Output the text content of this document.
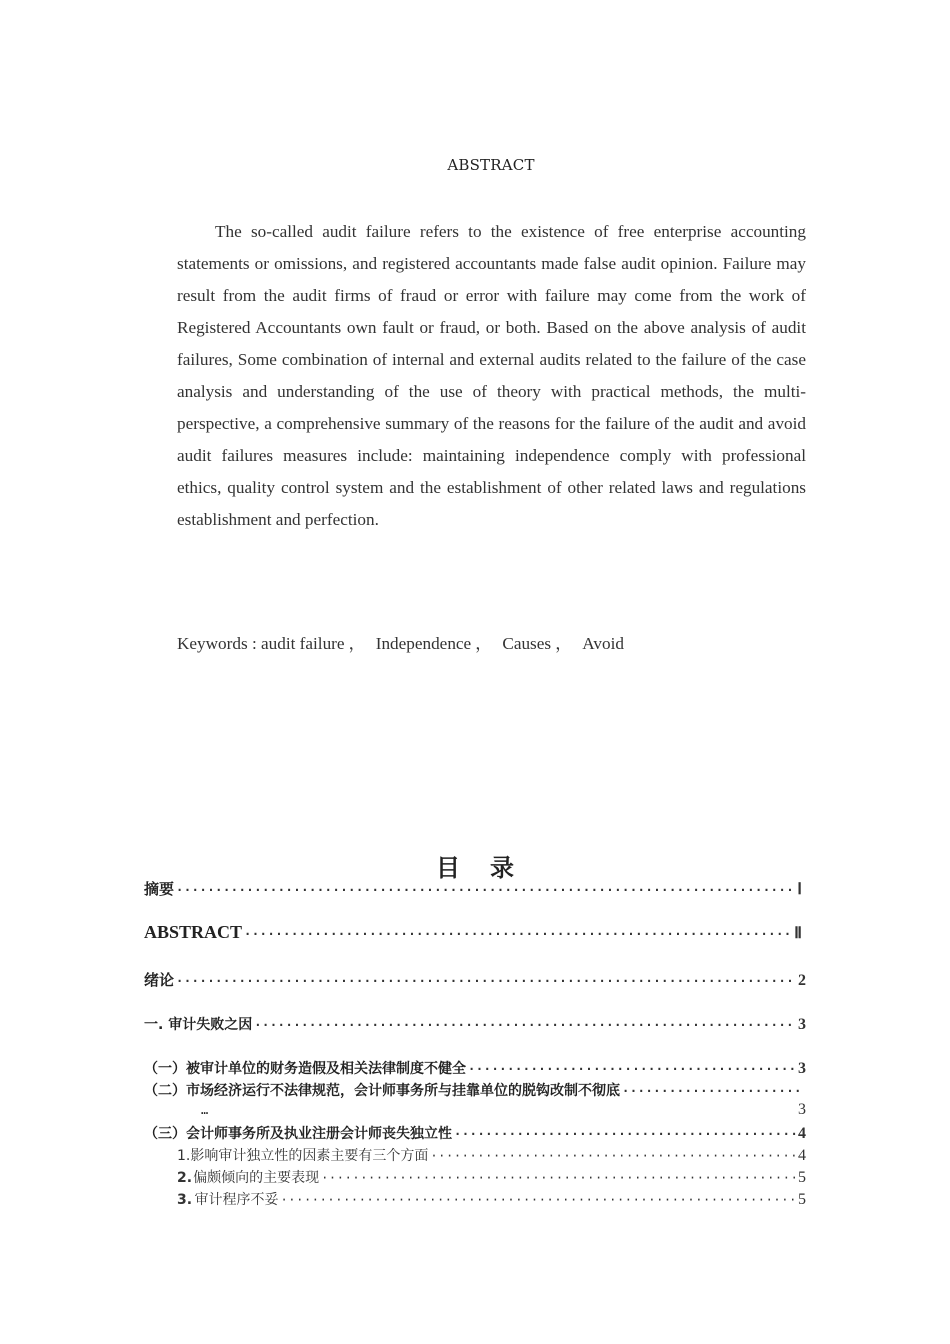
ABSTRACT

The so-called audit failure refers to the existence of free enterprise accounting statements or omissions, and registered accountants made false audit opinion. Failure may result from the audit firms of fraud or error with failure may come from the work of Registered Accountants own fault or fraud, or both. Based on the above analysis of audit failures, Some combination of internal and external audits related to the failure of the case analysis and understanding of the use of theory with practical methods, the multi-perspective, a comprehensive summary of the reasons for the failure of the audit and avoid audit failures measures include: maintaining independence comply with professional ethics, quality control system and the establishment of other related laws and regulations establishment and perfection.

Keywords : audit failure ， Independence ， Causes ， Avoid
目录
摘要 ·····	Ⅰ
ABSTRACT ·····	Ⅱ
绪论 ·····	2
一. 审计失败之因 ·····	3
（一） 被审计单位的财务造假及相关法律制度不健全 ·····	3
（二） 市场经济运行不法律规范，会计师事务所与挂靠单位的脱钩改制不彻底
·····
…	3
（三） 会计师事务所及执业注册会计师丧失独立性 ·····	4
1. 影响审计独立性的因素主要有三个方面 ·····	4
2. 偏颇倾向的主要表现 ·····	5
3. 审计程序不妥 ·····	5
